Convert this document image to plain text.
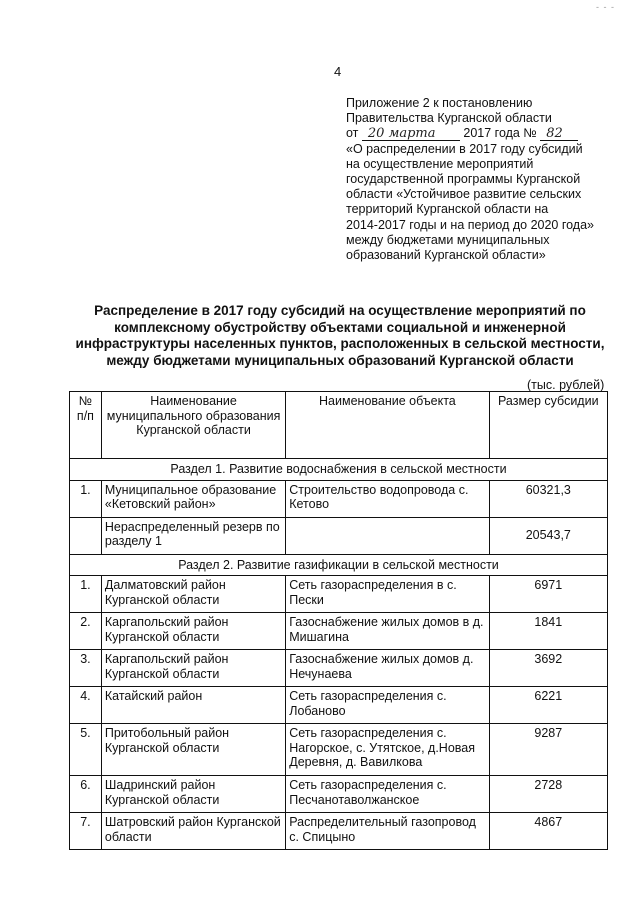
- - -
4
Приложение 2 к постановлению
Правительства Курганской области
от 20 марта 2017 года № 82
«О распределении в 2017 году субсидий
на осуществление мероприятий
государственной программы Курганской
области «Устойчивое развитие сельских
территорий Курганской области на
2014-2017 годы и на период до 2020 года»
между бюджетами муниципальных
образований Курганской области»
Распределение в 2017 году субсидий на осуществление мероприятий по
комплексному обустройству объектами социальной и инженерной
инфраструктуры населенных пунктов, расположенных в сельской местности,
между бюджетами муниципальных образований Курганской области
(тыс. рублей)
№ п/п	Наименование муниципального образования Курганской области	Наименование объекта	Размер субсидии
Раздел 1. Развитие водоснабжения в сельской местности			
1.	Муниципальное образование «Кетовский район»	Строительство водопровода с. Кетово	60321,3
	Нераспределенный резерв по разделу 1		20543,7
Раздел 2. Развитие газификации в сельской местности			
1.	Далматовский район Курганской области	Сеть газораспределения в с. Пески	6971
2.	Каргапольский район Курганской области	Газоснабжение жилых домов в д. Мишагина	1841
3.	Каргапольский район Курганской области	Газоснабжение жилых домов д. Нечунаева	3692
4.	Катайский район	Сеть газораспределения с. Лобаново	6221
5.	Притобольный район Курганской области	Сеть газораспределения с. Нагорское, с. Утятское, д.Новая Деревня, д. Вавилкова	9287
6.	Шадринский район Курганской области	Сеть газораспределения с. Песчанотаволжанское	2728
7.	Шатровский район Курганской области	Распределительный газопровод с. Спицыно	4867
